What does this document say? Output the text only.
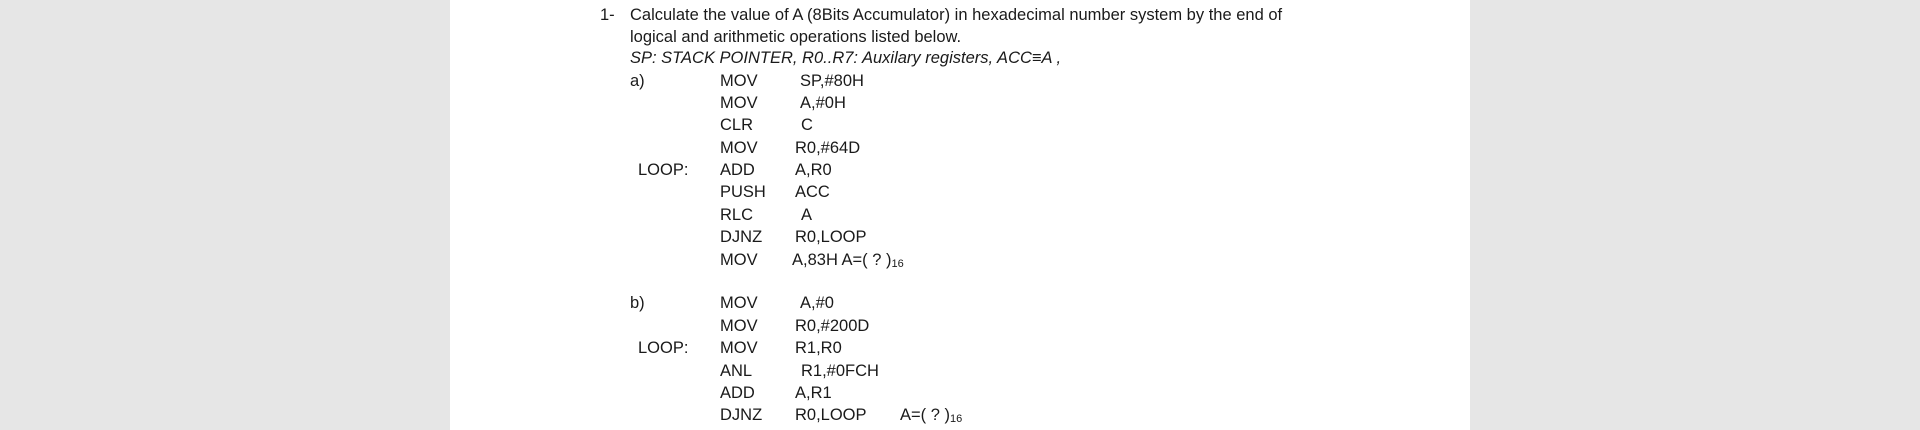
1- Calculate the value of A (8Bits Accumulator) in hexadecimal number system by the end of
logical and arithmetic operations listed below.
SP: STACK POINTER, R0..R7: Auxilary registers, ACC≡A ,
a)	MOV	SP,#80H
MOV	A,#0H
CLR	C
MOV R0,#64D
LOOP: ADD A,R0
PUSH ACC
RLC	A
DJNZ R0,LOOP
MOV A,83H A=( ? )$_{16}$
b)	MOV	A,#0
MOV R0,#200D
LOOP: MOV R1,R0
ANL	R1,#0FCH
ADD A,R1
DJNZ R0,LOOP A=( ? )$_{16}$
